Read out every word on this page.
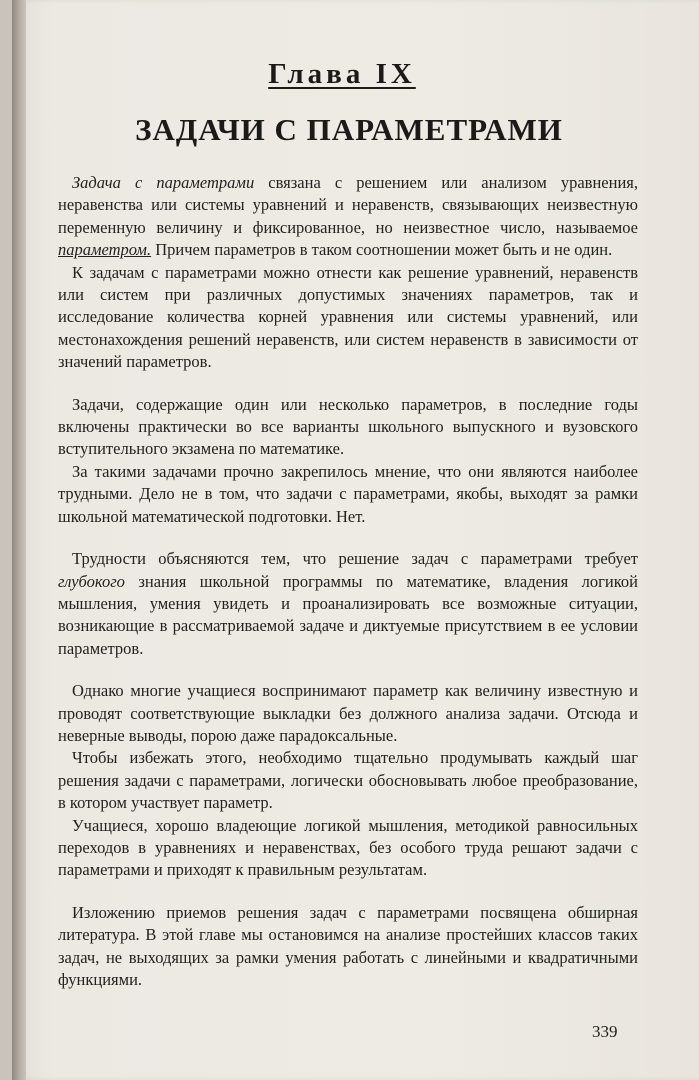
Глава IX
ЗАДАЧИ С ПАРАМЕТРАМИ

Задача с параметрами связана с решением или анализом уравнения, неравенства или системы уравнений и неравенств, связывающих неизвестную переменную величину и фиксированное, но неизвестное число, называемое параметром. Причем параметров в таком соотношении может быть и не один.

К задачам с параметрами можно отнести как решение уравнений, неравенств или систем при различных допустимых значениях параметров, так и исследование количества корней уравнения или системы уравнений, или местонахождения решений неравенств, или систем неравенств в зависимости от значений параметров.

Задачи, содержащие один или несколько параметров, в последние годы включены практически во все варианты школьного выпускного и вузовского вступительного экзамена по математике.

За такими задачами прочно закрепилось мнение, что они являются наиболее трудными. Дело не в том, что задачи с параметрами, якобы, выходят за рамки школьной математической подготовки. Нет.

Трудности объясняются тем, что решение задач с параметрами требует глубокого знания школьной программы по математике, владения логикой мышления, умения увидеть и проанализировать все возможные ситуации, возникающие в рассматриваемой задаче и диктуемые присутствием в ее условии параметров.

Однако многие учащиеся воспринимают параметр как величину известную и проводят соответствующие выкладки без должного анализа задачи. Отсюда и неверные выводы, порою даже парадоксальные.

Чтобы избежать этого, необходимо тщательно продумывать каждый шаг решения задачи с параметрами, логически обосновывать любое преобразование, в котором участвует параметр.

Учащиеся, хорошо владеющие логикой мышления, методикой равносильных переходов в уравнениях и неравенствах, без особого труда решают задачи с параметрами и приходят к правильным результатам.

Изложению приемов решения задач с параметрами посвящена обширная литература. В этой главе мы остановимся на анализе простейших классов таких задач, не выходящих за рамки умения работать с линейными и квадратичными функциями.

339
